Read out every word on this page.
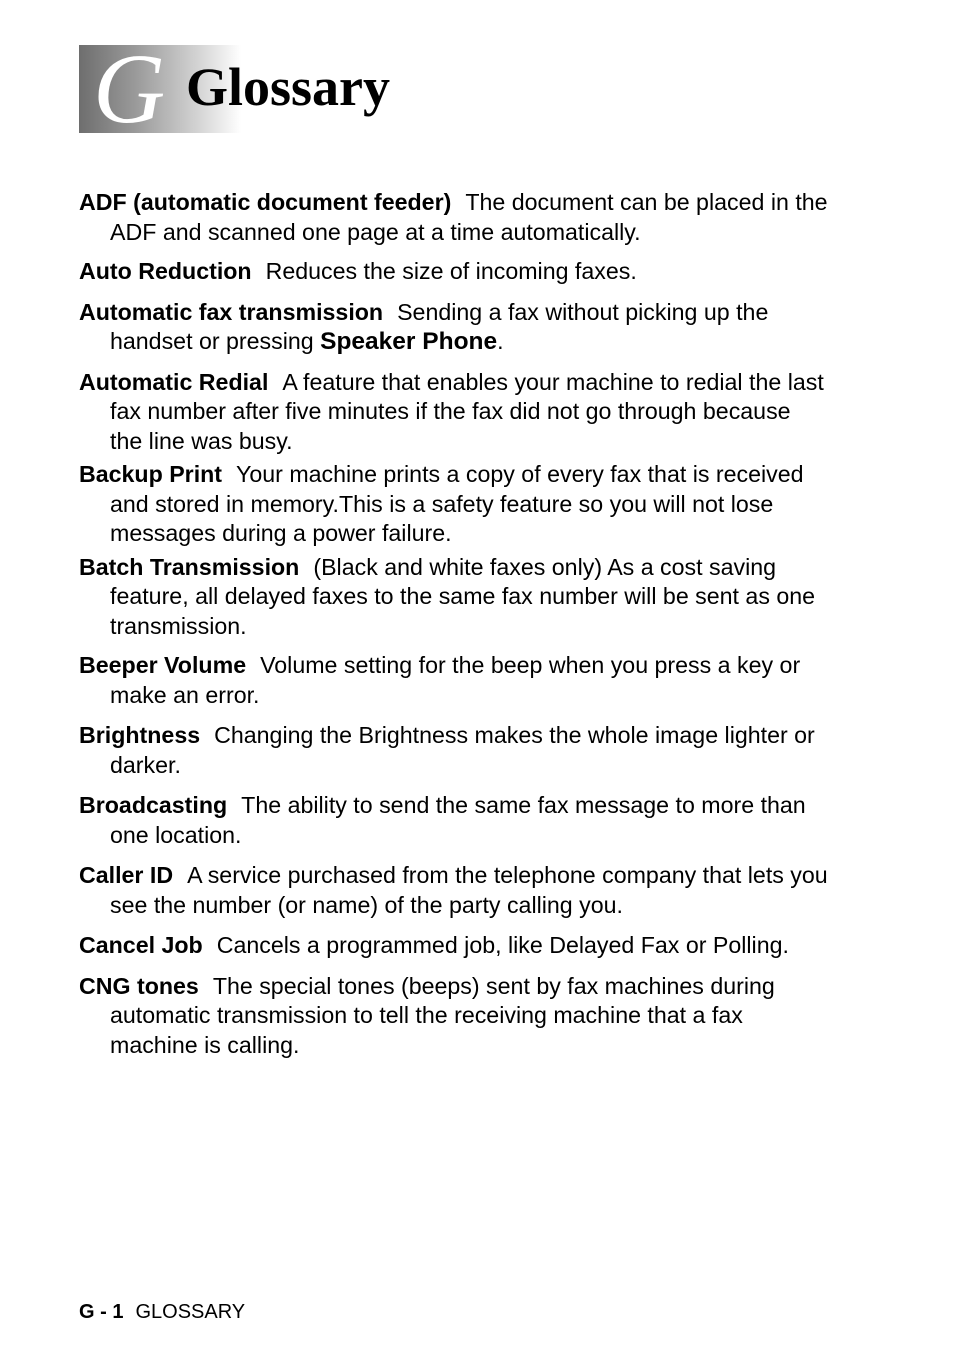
G Glossary

ADF (automatic document feeder) The document can be placed in the ADF and scanned one page at a time automatically.

Auto Reduction Reduces the size of incoming faxes.

Automatic fax transmission Sending a fax without picking up the handset or pressing Speaker Phone.

Automatic Redial A feature that enables your machine to redial the last fax number after five minutes if the fax did not go through because the line was busy.

Backup Print Your machine prints a copy of every fax that is received and stored in memory.This is a safety feature so you will not lose messages during a power failure.

Batch Transmission (Black and white faxes only) As a cost saving feature, all delayed faxes to the same fax number will be sent as one transmission.

Beeper Volume Volume setting for the beep when you press a key or make an error.

Brightness Changing the Brightness makes the whole image lighter or darker.

Broadcasting The ability to send the same fax message to more than one location.

Caller ID A service purchased from the telephone company that lets you see the number (or name) of the party calling you.

Cancel Job Cancels a programmed job, like Delayed Fax or Polling.

CNG tones The special tones (beeps) sent by fax machines during automatic transmission to tell the receiving machine that a fax machine is calling.

G - 1 GLOSSARY
